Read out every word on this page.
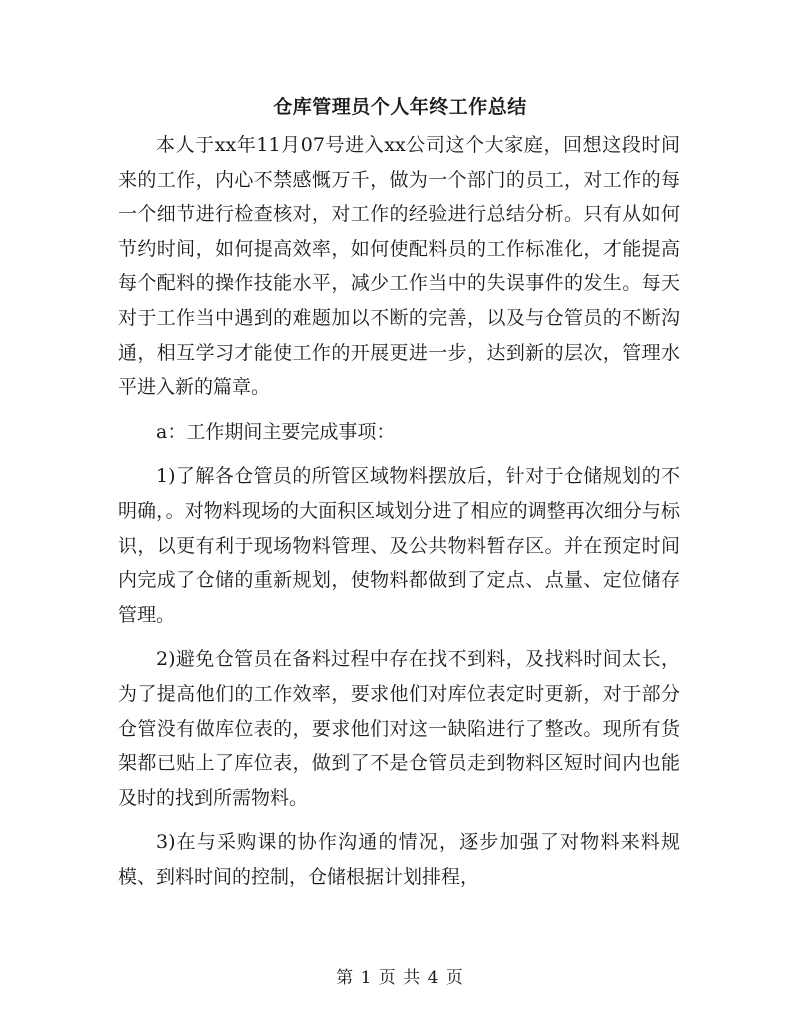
仓库管理员个人年终工作总结

本人于xx年11月07号进入xx公司这个大家庭，回想这段时间来的工作，内心不禁感慨万千，做为一个部门的员工，对工作的每一个细节进行检查核对，对工作的经验进行总结分析。只有从如何节约时间，如何提高效率，如何使配料员的工作标准化，才能提高每个配料的操作技能水平，减少工作当中的失误事件的发生。每天对于工作当中遇到的难题加以不断的完善，以及与仓管员的不断沟通，相互学习才能使工作的开展更进一步，达到新的层次，管理水平进入新的篇章。

a：工作期间主要完成事项：

1)了解各仓管员的所管区域物料摆放后，针对于仓储规划的不明确，。对物料现场的大面积区域划分进了相应的调整再次细分与标识，以更有利于现场物料管理、及公共物料暂存区。并在预定时间内完成了仓储的重新规划，使物料都做到了定点、点量、定位储存管理。

2)避免仓管员在备料过程中存在找不到料，及找料时间太长，为了提高他们的工作效率，要求他们对库位表定时更新，对于部分仓管没有做库位表的，要求他们对这一缺陷进行了整改。现所有货架都已贴上了库位表，做到了不是仓管员走到物料区短时间内也能及时的找到所需物料。

3)在与采购课的协作沟通的情况，逐步加强了对物料来料规模、到料时间的控制，仓储根据计划排程，

第 1 页 共 4 页
